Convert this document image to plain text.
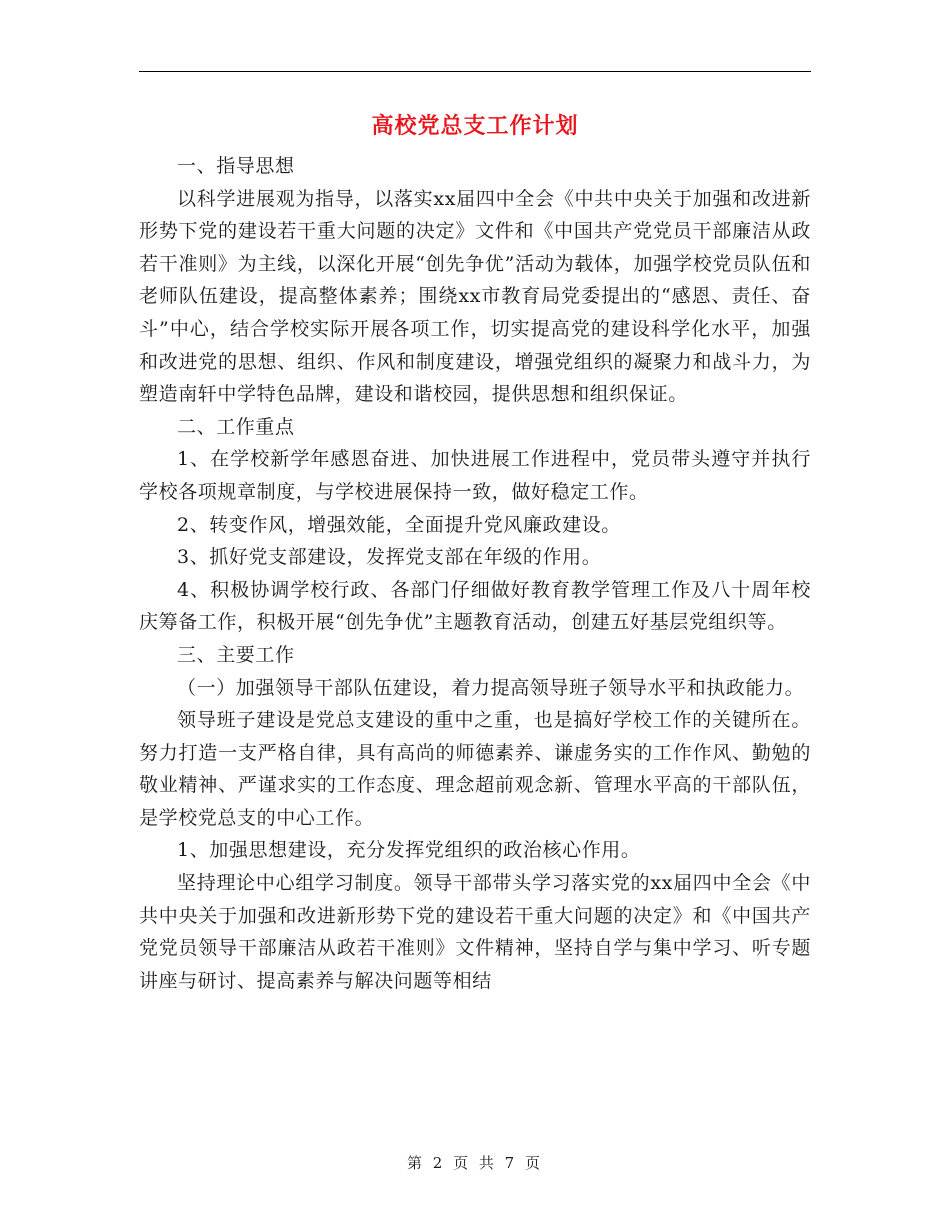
高校党总支工作计划

一、指导思想

以科学进展观为指导，以落实xx届四中全会《中共中央关于加强和改进新形势下党的建设若干重大问题的决定》文件和《中国共产党党员干部廉洁从政若干准则》为主线，以深化开展“创先争优”活动为载体，加强学校党员队伍和老师队伍建设，提高整体素养；围绕xx市教育局党委提出的“感恩、责任、奋斗”中心，结合学校实际开展各项工作，切实提高党的建设科学化水平，加强和改进党的思想、组织、作风和制度建设，增强党组织的凝聚力和战斗力，为塑造南轩中学特色品牌，建设和谐校园，提供思想和组织保证。

二、工作重点

1、在学校新学年感恩奋进、加快进展工作进程中，党员带头遵守并执行学校各项规章制度，与学校进展保持一致，做好稳定工作。

2、转变作风，增强效能，全面提升党风廉政建设。

3、抓好党支部建设，发挥党支部在年级的作用。

4、积极协调学校行政、各部门仔细做好教育教学管理工作及八十周年校庆筹备工作，积极开展“创先争优”主题教育活动，创建五好基层党组织等。

三、主要工作

（一）加强领导干部队伍建设，着力提高领导班子领导水平和执政能力。

领导班子建设是党总支建设的重中之重，也是搞好学校工作的关键所在。努力打造一支严格自律，具有高尚的师德素养、谦虚务实的工作作风、勤勉的敬业精神、严谨求实的工作态度、理念超前观念新、管理水平高的干部队伍，是学校党总支的中心工作。

1、加强思想建设，充分发挥党组织的政治核心作用。

坚持理论中心组学习制度。领导干部带头学习落实党的xx届四中全会《中共中央关于加强和改进新形势下党的建设若干重大问题的决定》和《中国共产党党员领导干部廉洁从政若干准则》文件精神，坚持自学与集中学习、听专题讲座与研讨、提高素养与解决问题等相结

第 2 页 共 7 页
